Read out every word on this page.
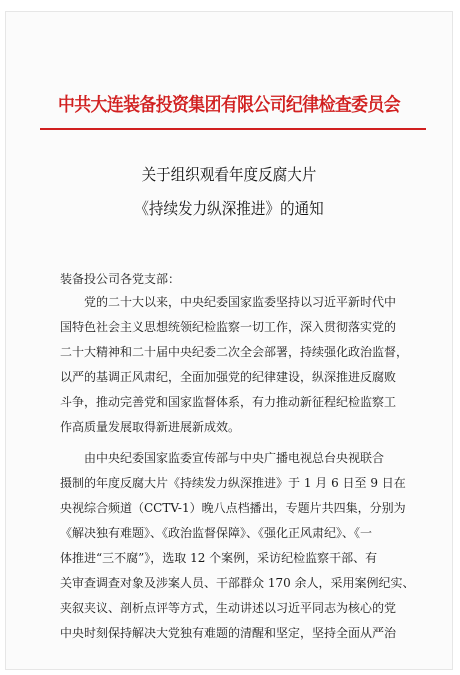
中共大连装备投资集团有限公司纪律检查委员会
关于组织观看年度反腐大片
《持续发力纵深推进》的通知
装备投公司各党支部：
党的二十大以来，中央纪委国家监委坚持以习近平新时代中
国特色社会主义思想统领纪检监察一切工作，深入贯彻落实党的
二十大精神和二十届中央纪委二次全会部署，持续强化政治监督，
以严的基调正风肃纪，全面加强党的纪律建设，纵深推进反腐败
斗争，推动完善党和国家监督体系，有力推动新征程纪检监察工
作高质量发展取得新进展新成效。
由中央纪委国家监委宣传部与中央广播电视总台央视联合
摄制的年度反腐大片《持续发力纵深推进》于 1 月 6 日至 9 日在
央视综合频道（CCTV-1）晚八点档播出，专题片共四集，分别为
《解决独有难题》、《政治监督保障》、《强化正风肃纪》、《一
体推进“三不腐”》，选取 12 个案例，采访纪检监察干部、有
关审查调查对象及涉案人员、干部群众 170 余人，采用案例纪实、
夹叙夹议、剖析点评等方式，生动讲述以习近平同志为核心的党
中央时刻保持解决大党独有难题的清醒和坚定，坚持全面从严治
